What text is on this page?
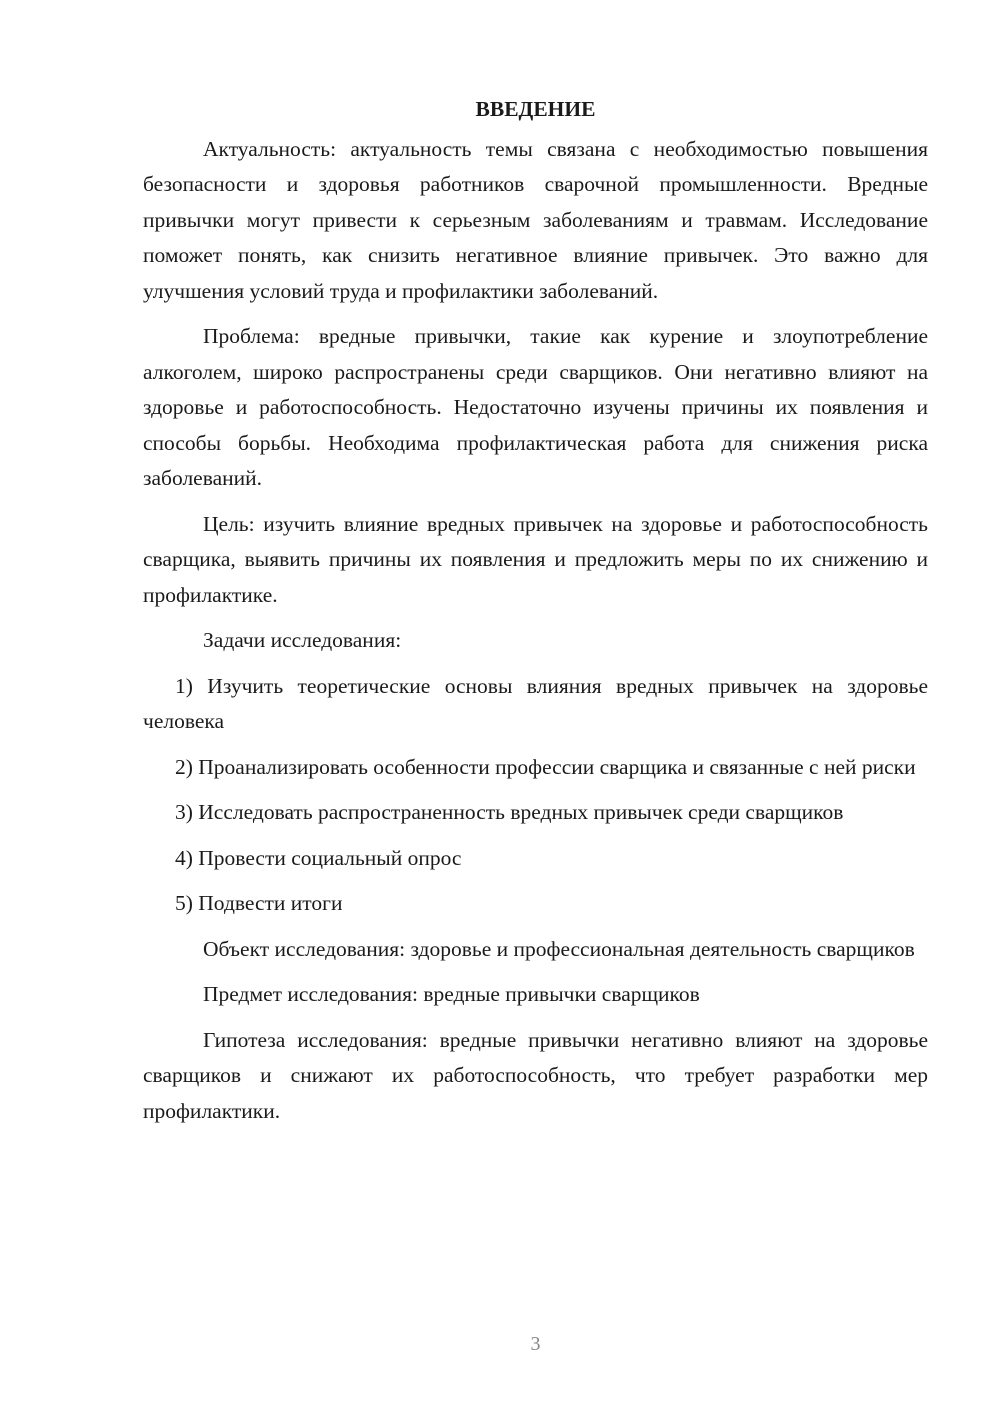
ВВЕДЕНИЕ

Актуальность: актуальность темы связана с необходимостью повышения безопасности и здоровья работников сварочной промышленности. Вредные привычки могут привести к серьезным заболеваниям и травмам. Исследование поможет понять, как снизить негативное влияние привычек. Это важно для улучшения условий труда и профилактики заболеваний.

Проблема: вредные привычки, такие как курение и злоупотребление алкоголем, широко распространены среди сварщиков. Они негативно влияют на здоровье и работоспособность. Недостаточно изучены причины их появления и способы борьбы. Необходима профилактическая работа для снижения риска заболеваний.

Цель: изучить влияние вредных привычек на здоровье и работоспособность сварщика, выявить причины их появления и предложить меры по их снижению и профилактике.

Задачи исследования:

1) Изучить теоретические основы влияния вредных привычек на здоровье человека

2) Проанализировать особенности профессии сварщика и связанные с ней риски

3) Исследовать распространенность вредных привычек среди сварщиков

4) Провести социальный опрос

5) Подвести итоги

Объект исследования: здоровье и профессиональная деятельность сварщиков

Предмет исследования: вредные привычки сварщиков

Гипотеза исследования: вредные привычки негативно влияют на здоровье сварщиков и снижают их работоспособность, что требует разработки мер профилактики.

3
